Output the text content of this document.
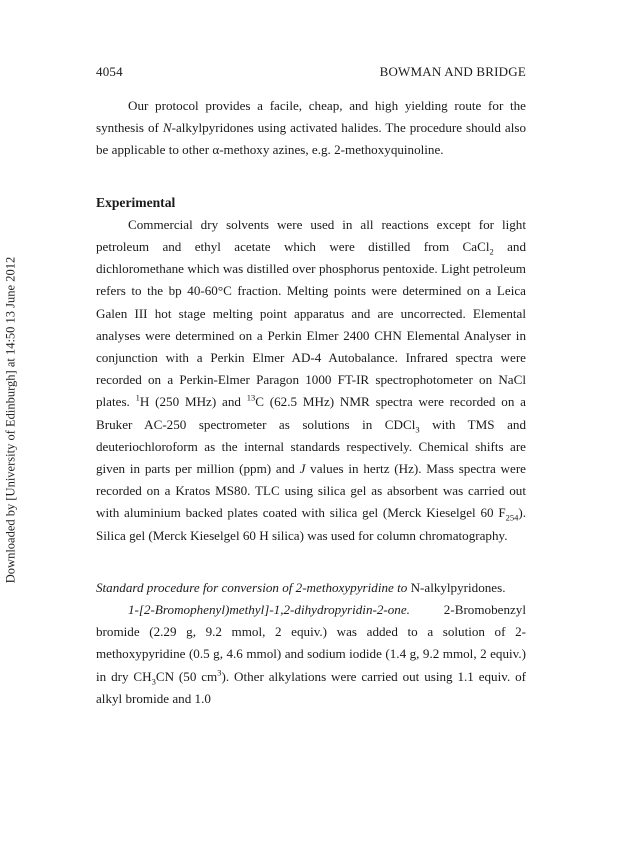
Downloaded by [University of Edinburgh] at 14:50 13 June 2012
4054	BOWMAN AND BRIDGE

Our protocol provides a facile, cheap, and high yielding route for the synthesis of N-alkylpyridones using activated halides. The procedure should also be applicable to other α-methoxy azines, e.g. 2-methoxyquinoline.

Experimental

Commercial dry solvents were used in all reactions except for light petroleum and ethyl acetate which were distilled from CaCl$_2$ and dichloromethane which was distilled over phosphorus pentoxide. Light petroleum refers to the bp 40-60°C fraction. Melting points were determined on a Leica Galen III hot stage melting point apparatus and are uncorrected. Elemental analyses were determined on a Perkin Elmer 2400 CHN Elemental Analyser in conjunction with a Perkin Elmer AD-4 Autobalance. Infrared spectra were recorded on a Perkin-Elmer Paragon 1000 FT-IR spectrophotometer on NaCl plates. $^1$H (250 MHz) and $^{13}$C (62.5 MHz) NMR spectra were recorded on a Bruker AC-250 spectrometer as solutions in CDCl$_3$ with TMS and deuteriochloroform as the internal standards respectively. Chemical shifts are given in parts per million (ppm) and J values in hertz (Hz). Mass spectra were recorded on a Kratos MS80. TLC using silica gel as absorbent was carried out with aluminium backed plates coated with silica gel (Merck Kieselgel 60 $F_{254}$). Silica gel (Merck Kieselgel 60 H silica) was used for column chromatography.

Standard procedure for conversion of 2-methoxypyridine to N-alkylpyridones.

1-[2-Bromophenyl)methyl]-1,2-dihydropyridin-2-one. 2-Bromobenzyl bromide (2.29 g, 9.2 mmol, 2 equiv.) was added to a solution of 2-methoxypyridine (0.5 g, 4.6 mmol) and sodium iodide (1.4 g, 9.2 mmol, 2 equiv.) in dry $CH_3CN$ (50 $cm^3$). Other alkylations were carried out using 1.1 equiv. of alkyl bromide and 1.0
